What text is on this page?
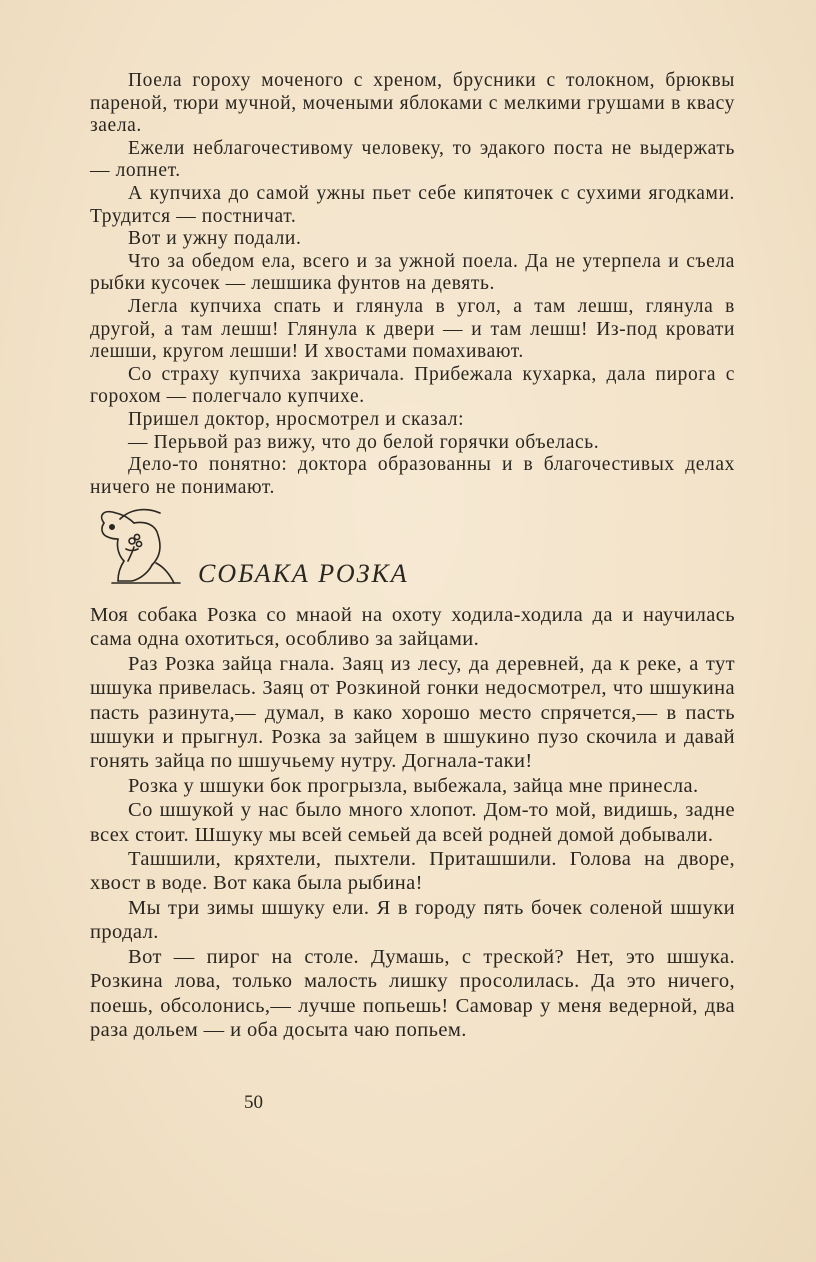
Поела гороху моченого с хреном, брусники с толокном, брюквы пареной, тюри мучной, мочеными яблоками с мелкими грушами в квасу заела.

Ежели неблагочестивому человеку, то эдакого поста не выдержать — лопнет.

А купчиха до самой ужны пьет себе кипяточек с сухими ягодками. Трудится — постничат.

Вот и ужну подали.

Что за обедом ела, всего и за ужной поела. Да не утерпела и съела рыбки кусочек — лешшика фунтов на девять.

Легла купчиха спать и глянула в угол, а там лешш, глянула в другой, а там лешш! Глянула к двери — и там лешш! Из-под кровати лешши, кругом лешши! И хвостами помахивают.

Со страху купчиха закричала. Прибежала кухарка, дала пирога с горохом — полегчало купчихе.

Пришел доктор, нросмотрел и сказал:

— Перьвой раз вижу, что до белой горячки объелась.

Дело-то понятно: доктора образованны и в благочестивых делах ничего не понимают.

СОБАКА РОЗКА

Моя собака Розка со мнаой на охоту ходила-ходила да и научилась сама одна охотиться, особливо за зайцами.

Раз Розка зайца гнала. Заяц из лесу, да деревней, да к реке, а тут шшука привелась. Заяц от Розкиной гонки недосмотрел, что шшукина пасть разинута,— думал, в како хорошо место спрячется,— в пасть шшуки и прыгнул. Розка за зайцем в шшукино пузо скочила и давай гонять зайца по шшучьему нутру. Догнала-таки!

Розка у шшуки бок прогрызла, выбежала, зайца мне принесла.

Со шшукой у нас было много хлопот. Дом-то мой, видишь, задне всех стоит. Шшуку мы всей семьей да всей родней домой добывали.

Ташшили, кряхтели, пыхтели. Приташшили. Голова на дворе, хвост в воде. Вот кака была рыбина!

Мы три зимы шшуку ели. Я в городу пять бочек соленой шшуки продал.

Вот — пирог на столе. Думашь, с треской? Нет, это шшука. Розкина лова, только малость лишку просолилась. Да это ничего, поешь, обсолонись,— лучше попьешь! Самовар у меня ведерной, два раза дольем — и оба досыта чаю попьем.

50
